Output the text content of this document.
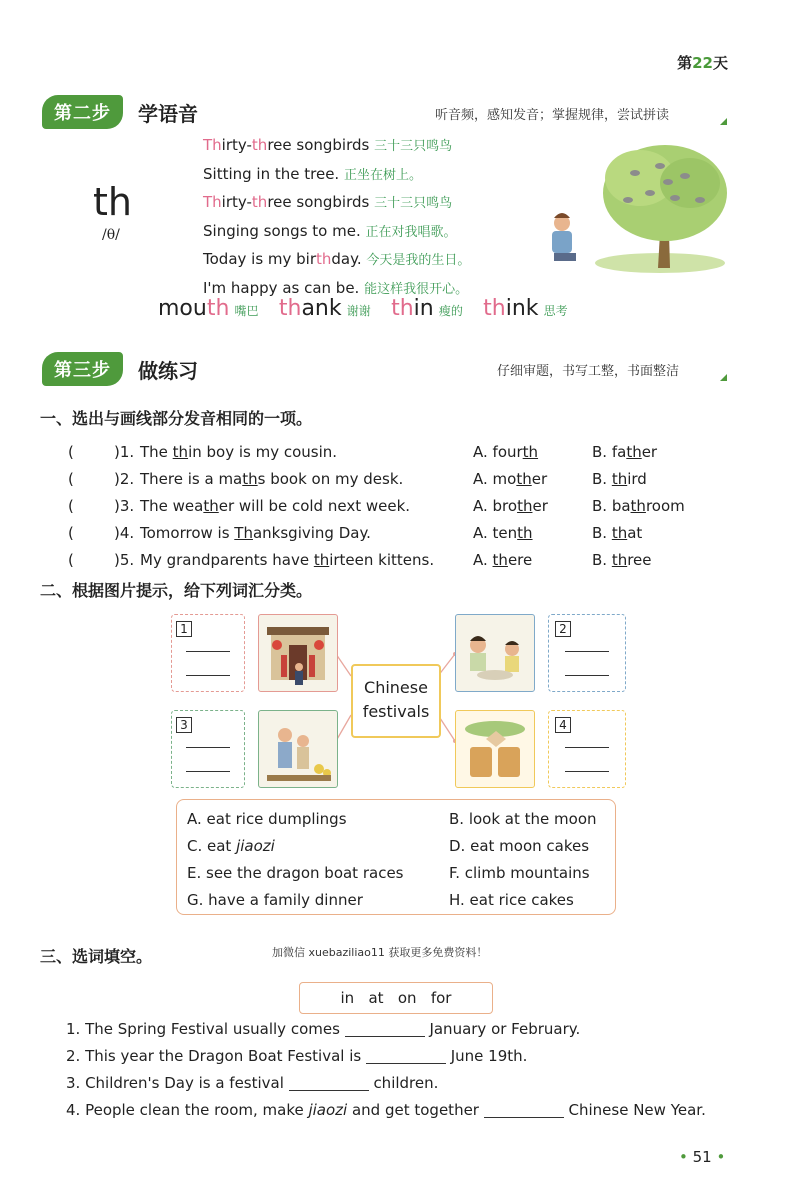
第22天
第二步	学语音	听音频，感知发音；掌握规律，尝试拼读
th
/θ/
Thirty-three songbirds 三十三只鸣鸟
Sitting in the tree. 正坐在树上。
Thirty-three songbirds 三十三只鸣鸟
Singing songs to me. 正在对我唱歌。
Today is my birthday. 今天是我的生日。
I'm happy as can be. 能这样我很开心。
mouth 嘴巴 thank 谢谢 thin 瘦的 think 思考
第三步	做练习	仔细审题，书写工整，书面整洁
一、选出与画线部分发音相同的一项。
(	)1. The thin boy is my cousin.	A. fourth	B. father
(	)2. There is a maths book on my desk.	A. mother	B. third
(	)3. The weather will be cold next week.	A. brother	B. bathroom
(	)4. Tomorrow is Thanksgiving Day.	A. tenth	B. that
(	)5. My grandparents have thirteen kittens.	A. there	B. three
二、根据图片提示，给下列词汇分类。
1
Chinese
festivals
2
3	4
A. eat rice dumplings	B. look at the moon
C. eat jiaozi	D. eat moon cakes
E. see the dragon boat races	F. climb mountains
G. have a family dinner	H. eat rice cakes
三、选词填空。	加微信 xuebaziliao11 获取更多免费资料！
in   at   on   for
1. The Spring Festival usually comes	January or February.
2. This year the Dragon Boat Festival is	June 19th.
3. Children's Day is a festival	children.
4. People clean the room, make jiaozi and get together	Chinese New Year.
• 51 •
